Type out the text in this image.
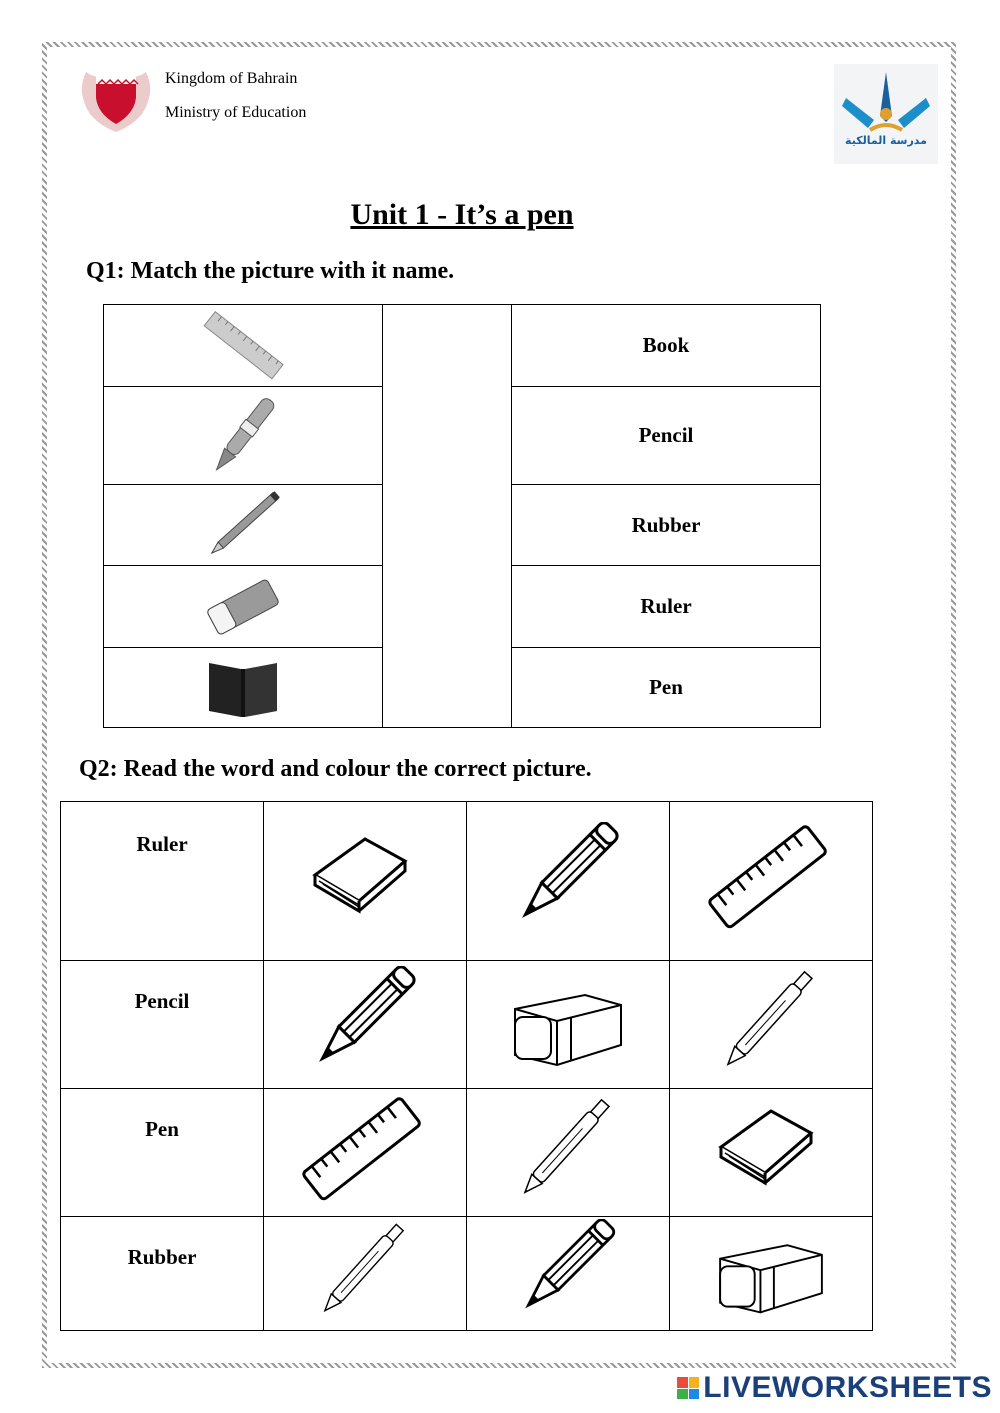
Kingdom of Bahrain
Ministry of Education
مدرسة المالكية
Unit 1 - It’s a pen
Q1: Match the picture with it name.
		Book

	Pencil

	Rubber

	Ruler

	Pen
Q2: Read the word and colour the correct picture.
Ruler	

Pencil	

Pen	

Rubber	

LIVEWORKSHEETS
